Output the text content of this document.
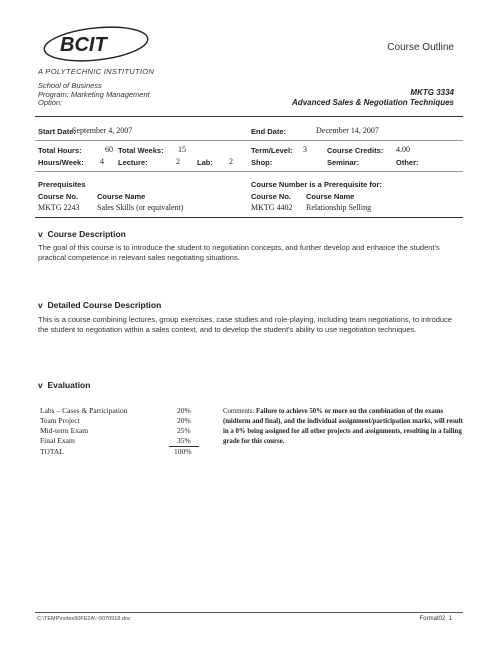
BCIT	Course Outline
A POLYTECHNIC INSTITUTION
School of Business
Program: Marketing Management
Option:
MKTG 3334
Advanced Sales & Negotiation Techniques
Start Date:
September 4, 2007	End Date:	December 14, 2007
Total Hours:	60 Total Weeks: 15	Term/Level: 3	Course Credits: 4.00
Hours/Week: 4 Lecture:	2 Lab: 2 Shop:	Seminar:	Other:
Prerequisites
Course No.	Course Name
MKTG 2243 Sales Skills (or equivalent)
Course Number is a Prerequisite for:
Course No. Course Name
MKTG 4402 Relationship Selling
v  Course Description
The goal of this course is to introduce the student to negotiation concepts, and further develop and enhance the student's practical competence in relevant sales negotiating situations.
v  Detailed Course Description
This is a course combining lectures, group exercises, case studies and role-playing, including team negotiations, to introduce the student to negotiation within a sales context, and to develop the student's ability to use negotiation techniques.
v  Evaluation
Labs – Cases & Participation	20%
Team Project	20%
Mid-term Exam	25%
Final Exam	35%
TOTAL	100%
Comments: Failure to achieve 50% or more on the combination of the exams (midterm and final), and the individual assignment/participation marks, will result in a 0% being assigned for all other projects and assignments, resulting in a failing grade for this course.
C:\TEMP\notes90FE2A\~9070918.doc	Format02 1
